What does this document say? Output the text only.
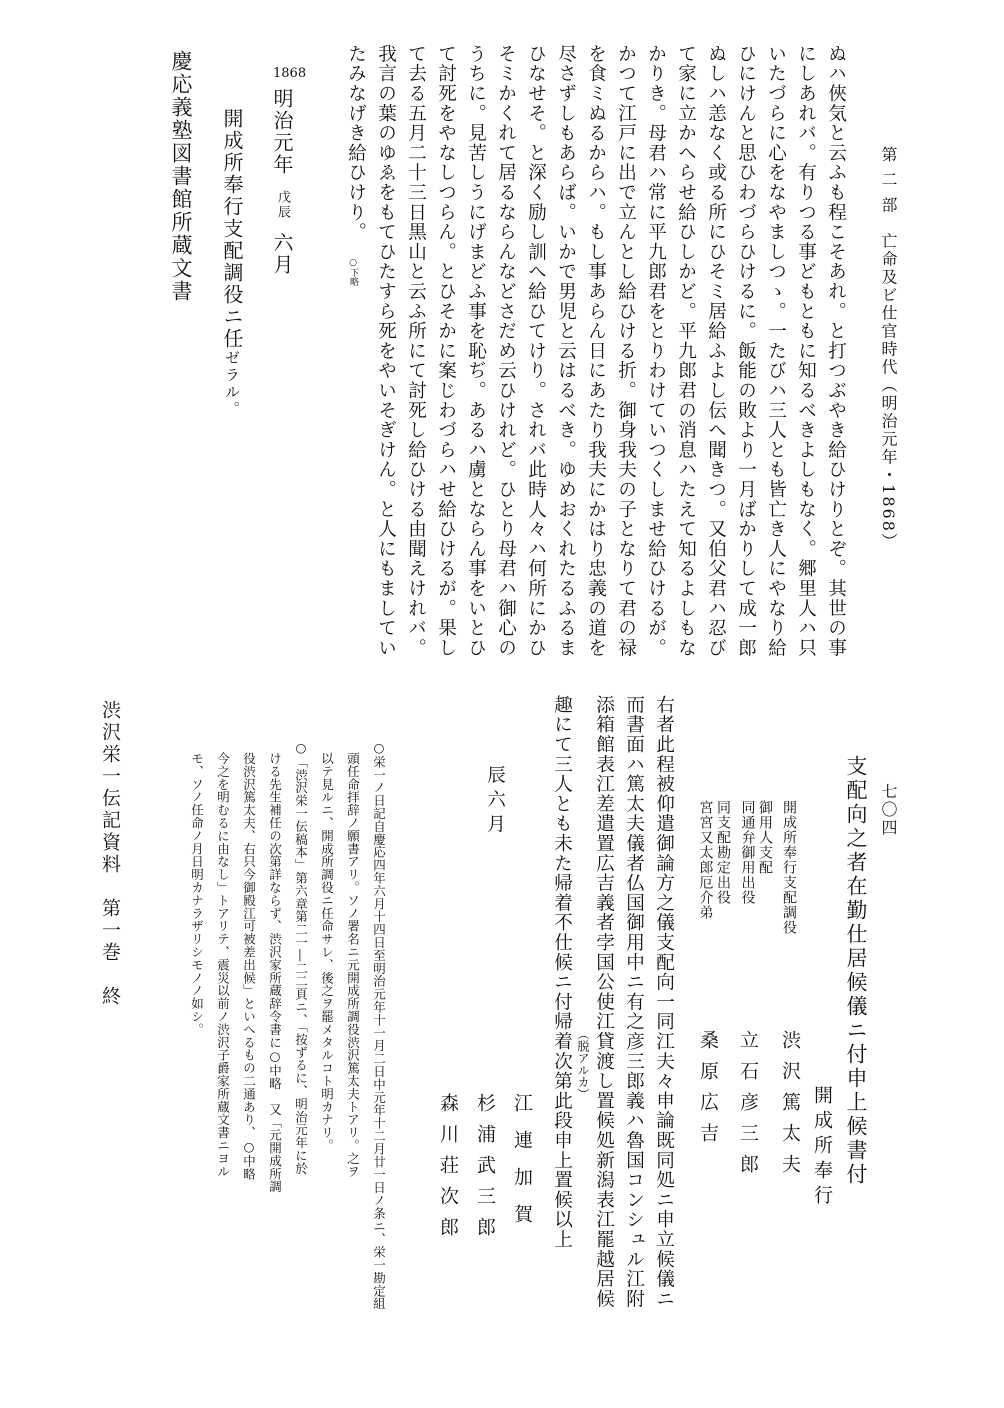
七〇四
第 二 部　亡命及ビ仕官時代（明治元年・1868）
ぬハ俠気と云ふも程こそあれ。と打つぶやき給ひけりとぞ。其世の事
にしあれバ。有りつる事どもともに知るべきよしもなく。郷里人ハ只
いたづらに心をなやましつゝ。一たびハ三人とも皆亡き人にやなり給
ひにけんと思ひわづらひけるに。飯能の敗より一月ばかりして成一郎
ぬしハ恙なく或る所にひそミ居給ふよし伝へ聞きつ。又伯父君ハ忍び
て家に立かへらせ給ひしかど。平九郎君の消息ハたえて知るよしもな
かりき。母君ハ常に平九郎君をとりわけていつくしませ給ひけるが。
かつて江戸に出で立んとし給ひける折。御身我夫の子となりて君の禄
を食ミぬるからハ。もし事あらん日にあたり我夫にかはり忠義の道を
尽さずしもあらば。いかで男児と云はるべき。ゆめおくれたるふるま
ひなせそ。と深く励し訓へ給ひてけり。されバ此時人々ハ何所にかひ
そミかくれて居るならんなどさだめ云ひけれど。ひとり母君ハ御心の
うちに。見苦しうにげまどふ事を恥ぢ。あるハ虜とならん事をいとひ
て討死をやなしつらん。とひそかに案じわづらハせ給ひけるが。果し
て去る五月二十三日黒山と云ふ所にて討死し給ひける由聞えけれバ。
我言の葉のゆゑをもてひたすら死をやいそぎけん。と人にもましてい
たみなげき給ひけり。
○下略
1868
明治元年戊辰六月
開成所奉行支配調役ニ任ゼラル。
慶応義塾図書館所蔵文書
支配向之者在勤仕居候儀ニ付申上候書付
開成所奉行
開成所奉行支配調役
渋沢篤太夫
御用人支配
同通弁御用出役
立石彦三郎
同支配勘定出役
宮宮又太郎厄介弟
桑原広吉
右者此程被仰遣御論方之儀支配向一同江夫々申論既同処ニ申立候儀ニ
而書面ハ篤太夫儀者仏国御用中ニ有之彦三郎義ハ魯国コンシュル江附
添箱館表江差遣置広吉義者孛国公使江貸渡し置候処新潟表江罷越居候
（脱アルカ）
趣にて三人とも未た帰着不仕候ニ付帰着次第此段申上置候以上
辰六月
江連加賀
杉浦武三郎
森川荘次郎
○栄一ノ日記自慶応四年六月十四日至明治元年十一月二日中元年十二月廿一日ノ条ニ、栄一勘定組
頭任命拝辞ノ願書アリ。ソノ署名ニ元開成所調役渋沢篤太夫トアリ。之ヲ
以テ見ルニ、開成所調役ニ任命サレ、後之ヲ罷メタルコト明カナリ。
○「渋沢栄一伝稿本」第六章第二一―二二頁ニ、「按ずるに、明治元年に於
ける先生補任の次第詳ならず、渋沢家所蔵辞令書に○中略　又「元開成所調
役渋沢篤太夫、右只今御殿江可被差出候」といへるもの二通あり、○中略
今之を明むるに由なし」トアリテ、震災以前ノ渋沢子爵家所蔵文書ニヨル
モ、ソノ任命ノ月日明カナラザリシモノノ如シ。
渋沢栄一伝記資料　第一巻　終
